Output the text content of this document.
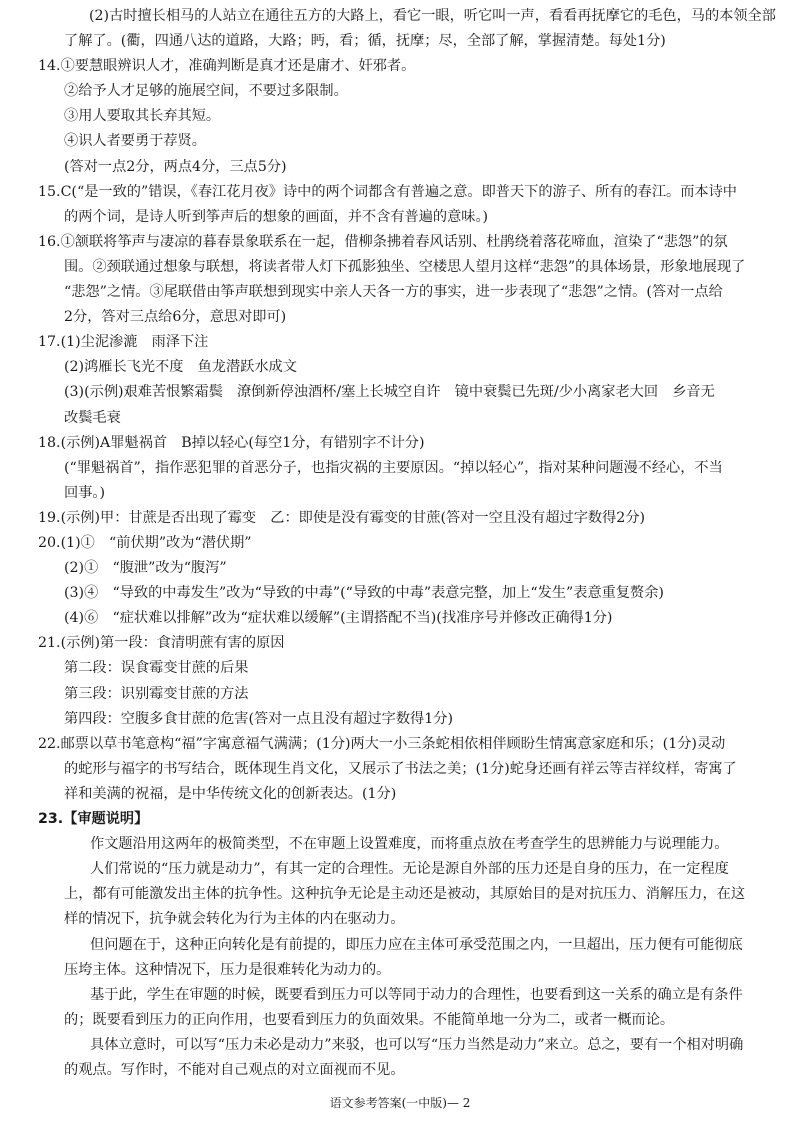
(2)古时擅长相马的人站立在通往五方的大路上，看它一眼，听它叫一声，看看再抚摩它的毛色，马的本领全部
了解了。(衢，四通八达的道路，大路；眄，看；循，抚摩；尽，全部了解，掌握清楚。每处1分)
14.①要慧眼辨识人才，准确判断是真才还是庸才、奸邪者。
②给予人才足够的施展空间，不要过多限制。
③用人要取其长弃其短。
④识人者要勇于荐贤。
(答对一点2分，两点4分，三点5分)
15.C(“是一致的”错误，《春江花月夜》诗中的两个词都含有普遍之意。即普天下的游子、所有的春江。而本诗中
的两个词，是诗人听到筝声后的想象的画面，并不含有普遍的意味。)
16.①颔联将筝声与凄凉的暮春景象联系在一起，借柳条拂着春风话别、杜鹃绕着落花啼血，渲染了“悲怨”的氛
围。②颈联通过想象与联想，将读者带人灯下孤影独坐、空楼思人望月这样“悲怨”的具体场景，形象地展现了
“悲怨”之情。③尾联借由筝声联想到现实中亲人天各一方的事实，进一步表现了“悲怨”之情。(答对一点给
2分，答对三点给6分，意思对即可)
17.(1)尘泥渗漉　雨泽下注
(2)鸿雁长飞光不度　鱼龙潜跃水成文
(3)(示例)艰难苦恨繁霜鬓　潦倒新停浊酒杯/塞上长城空自许　镜中衰鬓已先斑/少小离家老大回　乡音无
改鬓毛衰
18.(示例)A罪魁祸首　B掉以轻心(每空1分，有错别字不计分)
(“罪魁祸首”，指作恶犯罪的首恶分子，也指灾祸的主要原因。“掉以轻心”，指对某种问题漫不经心，不当
回事。)
19.(示例)甲：甘蔗是否出现了霉变　乙：即使是没有霉变的甘蔗(答对一空且没有超过字数得2分)
20.(1)①　“前伏期”改为“潜伏期”
(2)①　“腹泄”改为“腹泻”
(3)④　“导致的中毒发生”改为“导致的中毒”(“导致的中毒”表意完整，加上“发生”表意重复赘余)
(4)⑥　“症状难以排解”改为“症状难以缓解”(主谓搭配不当)(找准序号并修改正确得1分)
21.(示例)第一段：食清明蔗有害的原因
第二段：误食霉变甘蔗的后果
第三段：识别霉变甘蔗的方法
第四段：空腹多食甘蔗的危害(答对一点且没有超过字数得1分)
22.邮票以草书笔意构“福”字寓意福气满满；(1分)两大一小三条蛇相依相伴顾盼生情寓意家庭和乐；(1分)灵动
的蛇形与福字的书写结合，既体现生肖文化，又展示了书法之美；(1分)蛇身还画有祥云等吉祥纹样，寄寓了
祥和美满的祝福，是中华传统文化的创新表达。(1分)
23.【审题说明】
作文题沿用这两年的极简类型，不在审题上设置难度，而将重点放在考查学生的思辨能力与说理能力。
人们常说的“压力就是动力”，有其一定的合理性。无论是源自外部的压力还是自身的压力，在一定程度
上，都有可能激发出主体的抗争性。这种抗争无论是主动还是被动，其原始目的是对抗压力、消解压力，在这
样的情况下，抗争就会转化为行为主体的内在驱动力。
但问题在于，这种正向转化是有前提的，即压力应在主体可承受范围之内，一旦超出，压力便有可能彻底
压垮主体。这种情况下，压力是很难转化为动力的。
基于此，学生在审题的时候，既要看到压力可以等同于动力的合理性，也要看到这一关系的确立是有条件
的；既要看到压力的正向作用，也要看到压力的负面效果。不能简单地一分为二，或者一概而论。
具体立意时，可以写“压力未必是动力”来驳，也可以写“压力当然是动力”来立。总之，要有一个相对明确
的观点。写作时，不能对自己观点的对立面视而不见。
语文参考答案(一中版)— 2
